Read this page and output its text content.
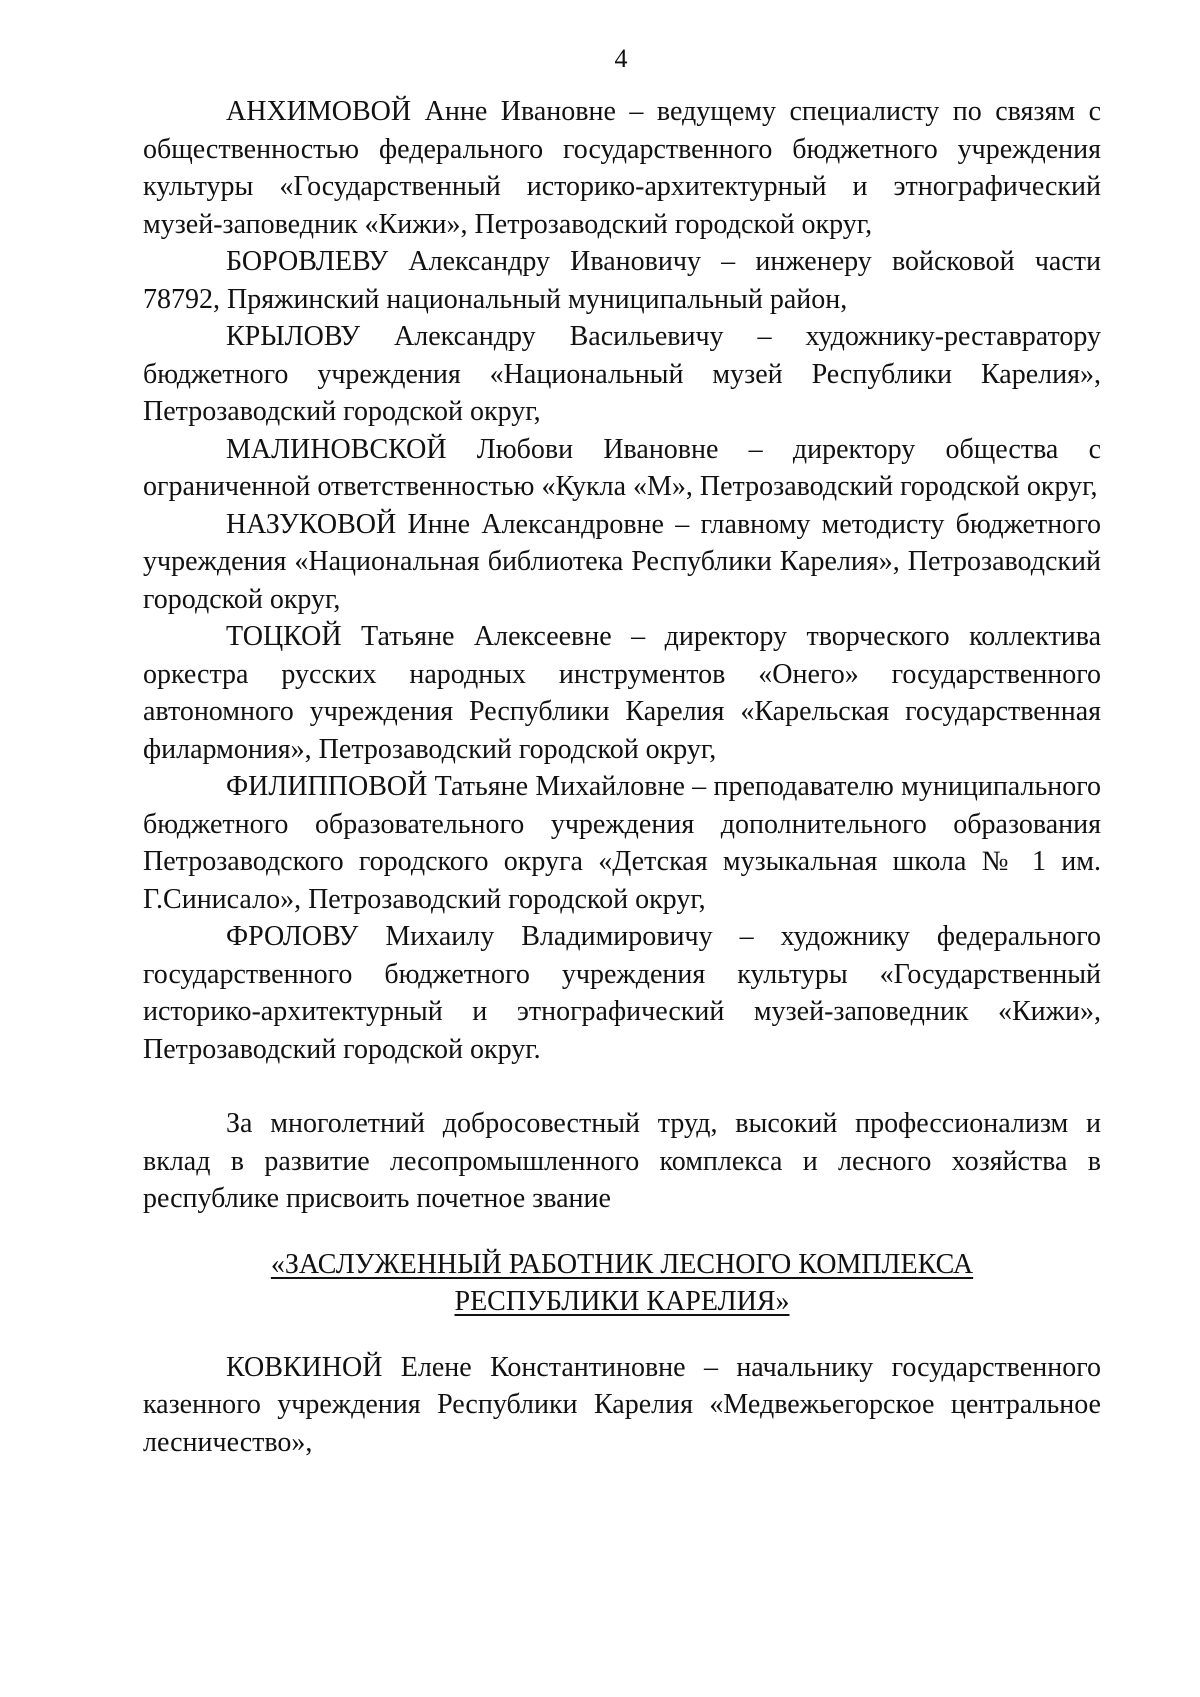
4

АНХИМОВОЙ Анне Ивановне – ведущему специалисту по связям с общественностью федерального государственного бюджетного учреждения культуры «Государственный историко-архитектурный и этнографический музей-заповедник «Кижи», Петрозаводский городской округ,

БОРОВЛЕВУ Александру Ивановичу – инженеру войсковой части 78792, Пряжинский национальный муниципальный район,

КРЫЛОВУ Александру Васильевичу – художнику-реставратору бюджетного учреждения «Национальный музей Республики Карелия», Петрозаводский городской округ,

МАЛИНОВСКОЙ Любови Ивановне – директору общества с ограниченной ответственностью «Кукла «М», Петрозаводский городской округ,

НАЗУКОВОЙ Инне Александровне – главному методисту бюджетного учреждения «Национальная библиотека Республики Карелия», Петрозаводский городской округ,

ТОЦКОЙ Татьяне Алексеевне – директору творческого коллектива оркестра русских народных инструментов «Онего» государственного автономного учреждения Республики Карелия «Карельская государственная филармония», Петрозаводский городской округ,

ФИЛИППОВОЙ Татьяне Михайловне – преподавателю муниципального бюджетного образовательного учреждения дополнительного образования Петрозаводского городского округа «Детская музыкальная школа № 1 им. Г.Синисало», Петрозаводский городской округ,

ФРОЛОВУ Михаилу Владимировичу – художнику федерального государственного бюджетного учреждения культуры «Государственный историко-архитектурный и этнографический музей-заповедник «Кижи», Петрозаводский городской округ.

За многолетний добросовестный труд, высокий профессионализм и вклад в развитие лесопромышленного комплекса и лесного хозяйства в республике присвоить почетное звание

«ЗАСЛУЖЕННЫЙ РАБОТНИК ЛЕСНОГО КОМПЛЕКСА

РЕСПУБЛИКИ КАРЕЛИЯ»

КОВКИНОЙ Елене Константиновне – начальнику государственного казенного учреждения Республики Карелия «Медвежьегорское центральное лесничество»,
